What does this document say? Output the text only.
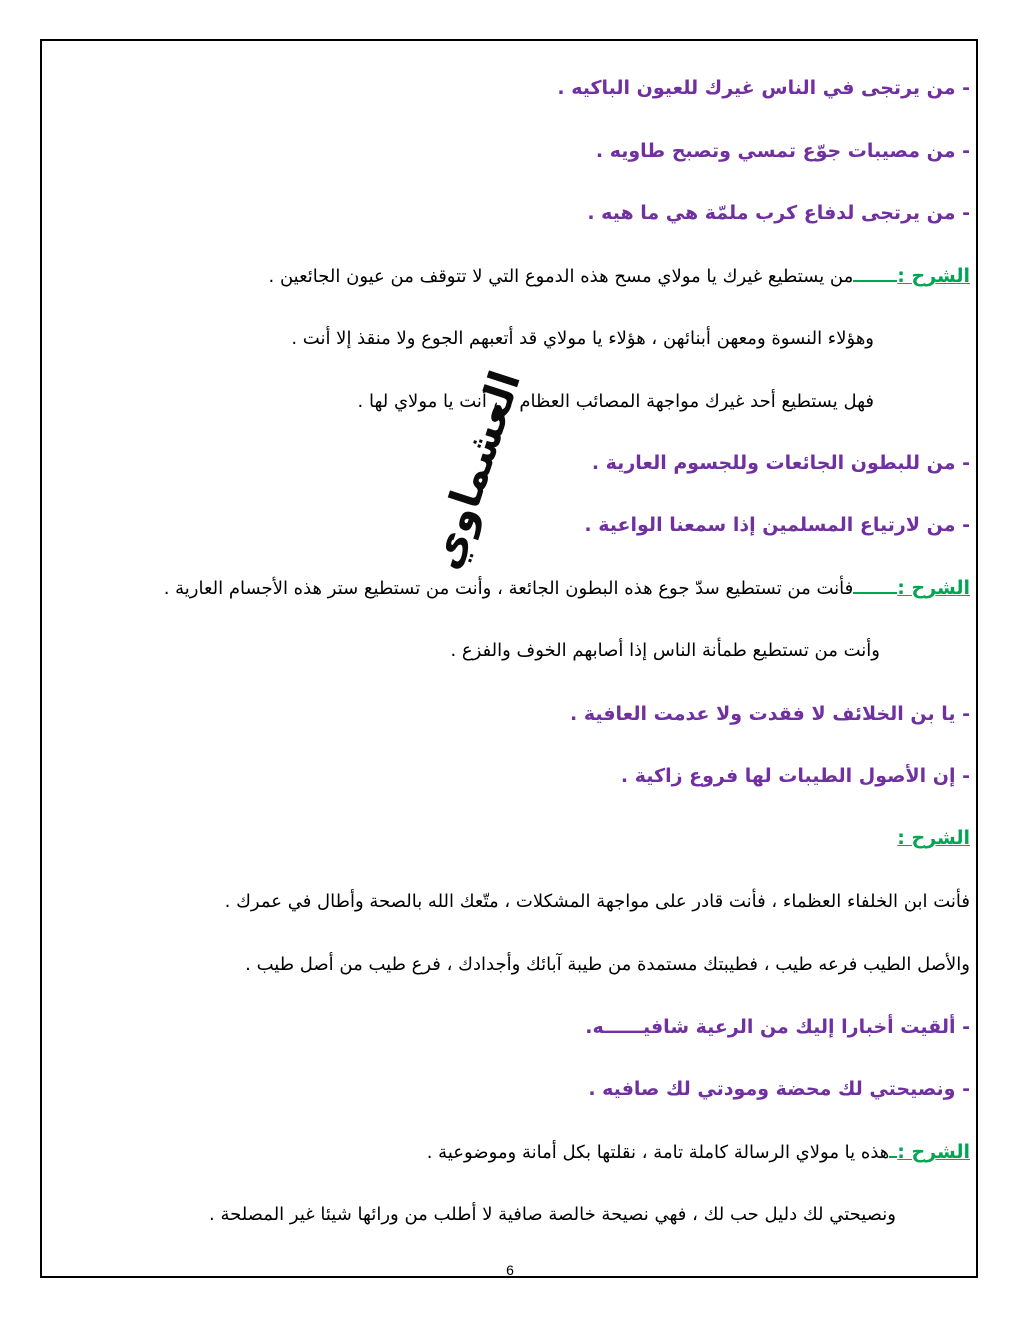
- من يرتجى في الناس غيرك للعيون الباكيه .
- من مصيبات جوّع تمسي وتصبح طاويه .
- من يرتجى لدفاع كرب ملمّة هي ما هيه .
الشرح :من يستطيع غيرك يا مولاي مسح هذه الدموع التي لا تتوقف من عيون الجائعين .
وهؤلاء النسوة ومعهن أبنائهن ، هؤلاء يا مولاي قد أتعبهم الجوع ولا منقذ إلا أنت .
فهل يستطيع أحد غيرك مواجهة المصائب العظام ؟ ، أنت يا مولاي لها .
- من للبطون الجائعات وللجسوم العارية .
- من لارتياع المسلمين إذا سمعنا الواعية .
الشرح :فأنت من تستطيع سدّ جوع هذه البطون الجائعة ، وأنت من تستطيع ستر هذه الأجسام العارية .
وأنت من تستطيع طمأنة الناس إذا أصابهم الخوف والفزع .
- يا بن الخلائف لا فقدت ولا عدمت العافية .
- إن الأصول الطيبات لها فروع زاكية .
الشرح :
فأنت ابن الخلفاء العظماء ، فأنت قادر على مواجهة المشكلات ، متّعك الله بالصحة وأطال في عمرك .
والأصل الطيب فرعه طيب ، فطيبتك مستمدة من طيبة آبائك وأجدادك ، فرع طيب من أصل طيب .
- ألقيت أخبارا إليك من الرعية شافيــــــه.
- ونصيحتي لك محضة ومودتي لك صافيه .
الشرح :هذه يا مولاي الرسالة كاملة تامة ، نقلتها بكل أمانة وموضوعية .
ونصيحتي لك دليل حب لك ، فهي نصيحة خالصة صافية لا أطلب من ورائها شيئا غير المصلحة .
العشماوي
6
